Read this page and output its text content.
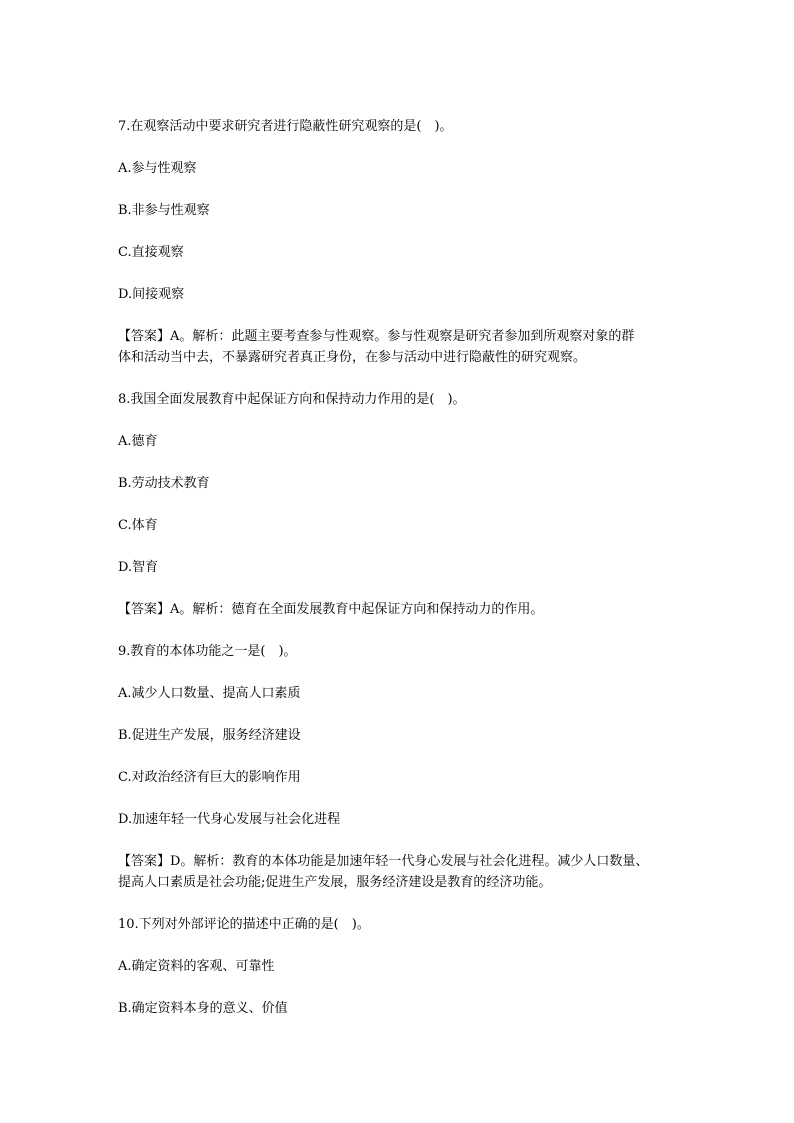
7.在观察活动中要求研究者进行隐蔽性研究观察的是(　)。

A.参与性观察

B.非参与性观察

C.直接观察

D.间接观察

【答案】A。解析：此题主要考查参与性观察。参与性观察是研究者参加到所观察对象的群

体和活动当中去，不暴露研究者真正身份，在参与活动中进行隐蔽性的研究观察。

8.我国全面发展教育中起保证方向和保持动力作用的是(　)。

A.德育

B.劳动技术教育

C.体育

D.智育

【答案】A。解析：德育在全面发展教育中起保证方向和保持动力的作用。

9.教育的本体功能之一是(　)。

A.减少人口数量、提高人口素质

B.促进生产发展，服务经济建设

C.对政治经济有巨大的影响作用

D.加速年轻一代身心发展与社会化进程

【答案】D。解析：教育的本体功能是加速年轻一代身心发展与社会化进程。减少人口数量、

提高人口素质是社会功能;促进生产发展，服务经济建设是教育的经济功能。

10.下列对外部评论的描述中正确的是(　)。

A.确定资料的客观、可靠性

B.确定资料本身的意义、价值
